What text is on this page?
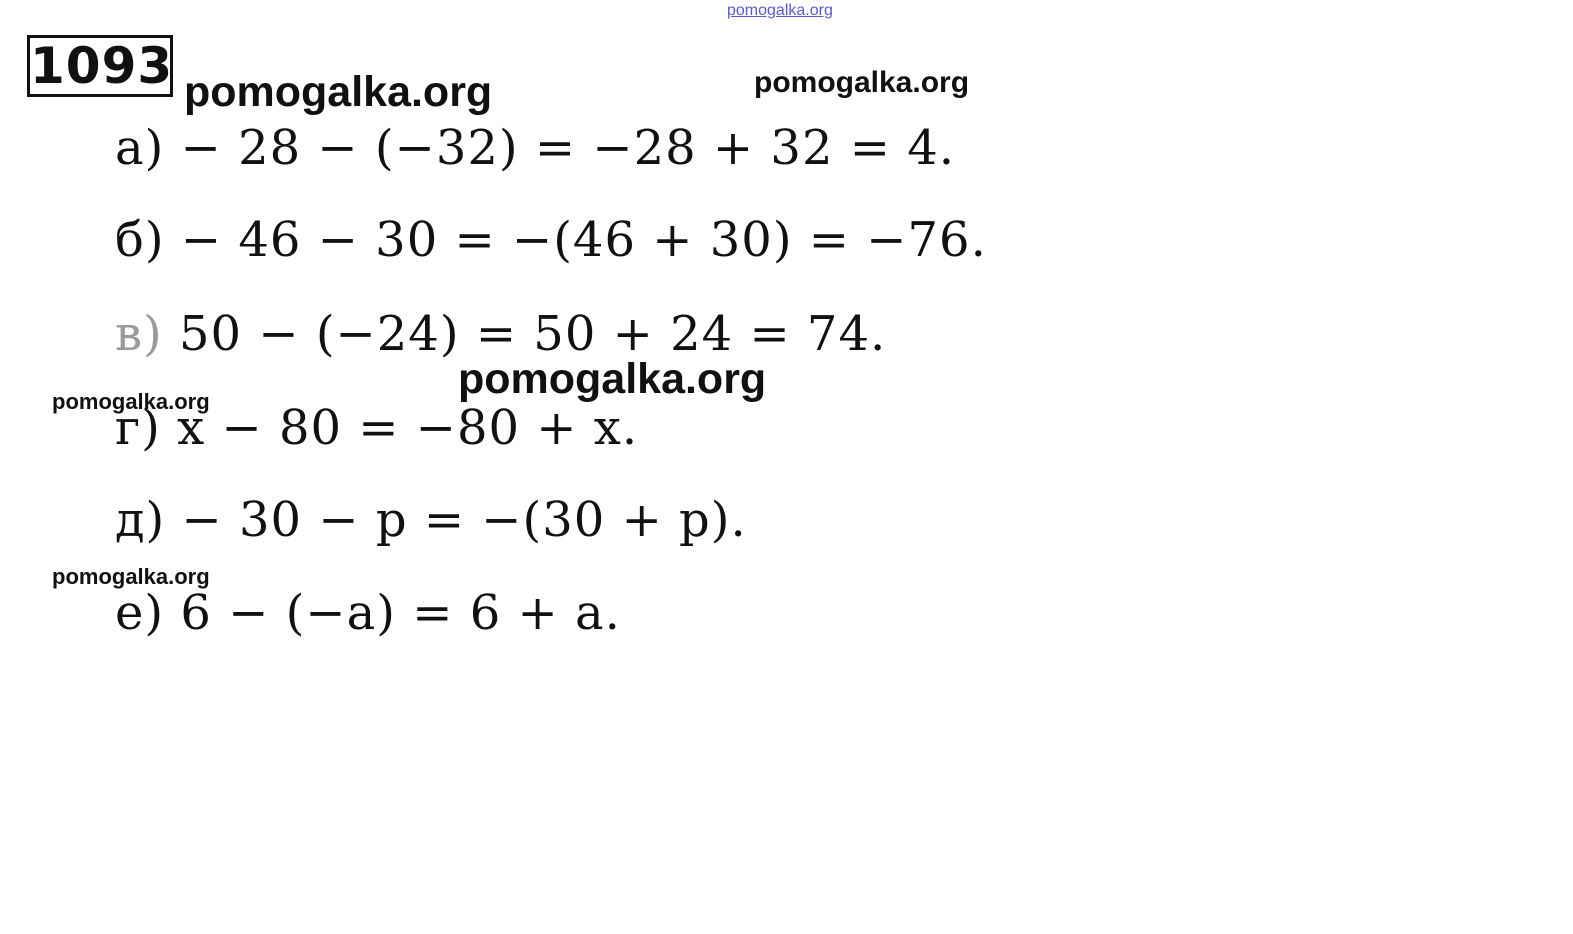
1093
pomogalka.org
pomogalka.org	pomogalka.org
а) − 28 − (−32) = −28 + 32 = 4.
б) − 46 − 30 = −(46 + 30) = −76.
в) 50 − (−24) = 50 + 24 = 74.
pomogalka.org
pomogalka.org
г) x − 80 = −80 + x.
д) − 30 − p = −(30 + p).
pomogalka.org
е) 6 − (−a) = 6 + a.
